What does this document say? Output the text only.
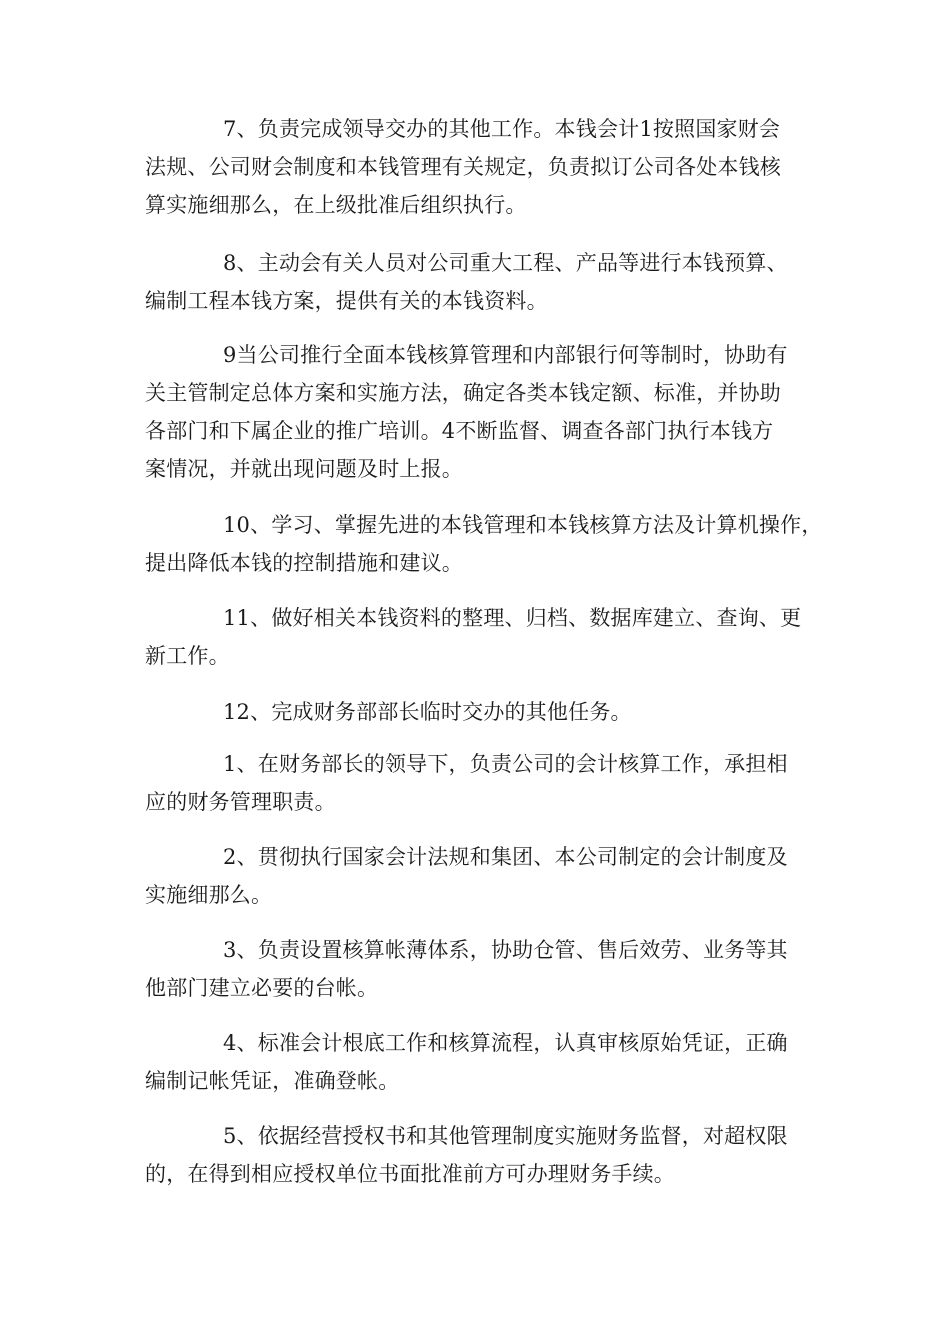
7、负责完成领导交办的其他工作。本钱会计1按照国家财会
法规、公司财会制度和本钱管理有关规定，负责拟订公司各处本钱核
算实施细那么，在上级批准后组织执行。

8、主动会有关人员对公司重大工程、产品等进行本钱预算、
编制工程本钱方案，提供有关的本钱资料。

9当公司推行全面本钱核算管理和内部银行何等制时，协助有
关主管制定总体方案和实施方法，确定各类本钱定额、标准，并协助
各部门和下属企业的推广培训。4不断监督、调查各部门执行本钱方
案情况，并就出现问题及时上报。

10、学习、掌握先进的本钱管理和本钱核算方法及计算机操作，
提出降低本钱的控制措施和建议。

11、做好相关本钱资料的整理、归档、数据库建立、查询、更
新工作。

12、完成财务部部长临时交办的其他任务。

1、在财务部长的领导下，负责公司的会计核算工作，承担相
应的财务管理职责。

2、贯彻执行国家会计法规和集团、本公司制定的会计制度及
实施细那么。

3、负责设置核算帐薄体系，协助仓管、售后效劳、业务等其
他部门建立必要的台帐。

4、标准会计根底工作和核算流程，认真审核原始凭证，正确
编制记帐凭证，准确登帐。

5、依据经营授权书和其他管理制度实施财务监督，对超权限
的，在得到相应授权单位书面批准前方可办理财务手续。
